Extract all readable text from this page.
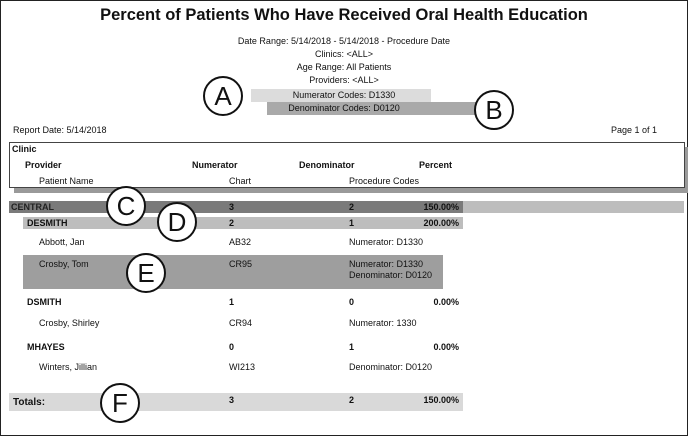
Percent of Patients Who Have Received Oral Health Education
Date Range: 5/14/2018 - 5/14/2018 - Procedure Date
Clinics: <ALL>
Age Range: All Patients
Providers: <ALL>
Numerator Codes: D1330
Denominator Codes: D0120
Report Date: 5/14/2018	Page 1 of 1
Clinic
Provider	Numerator	Denominator	Percent
Patient Name	Chart	Procedure Codes
CENTRAL	3	2	150.00%
DESMITH	2	1	200.00%
Abbott, Jan	AB32	Numerator: D1330
Crosby, Tom	CR95	Numerator: D1330
Denominator: D0120
DSMITH	1	0	0.00%
Crosby, Shirley	CR94	Numerator: 1330
MHAYES	0	1	0.00%
Winters, Jillian	WI213	Denominator: D0120
Totals:	3	2	150.00%
A	B
C
D
E
F
